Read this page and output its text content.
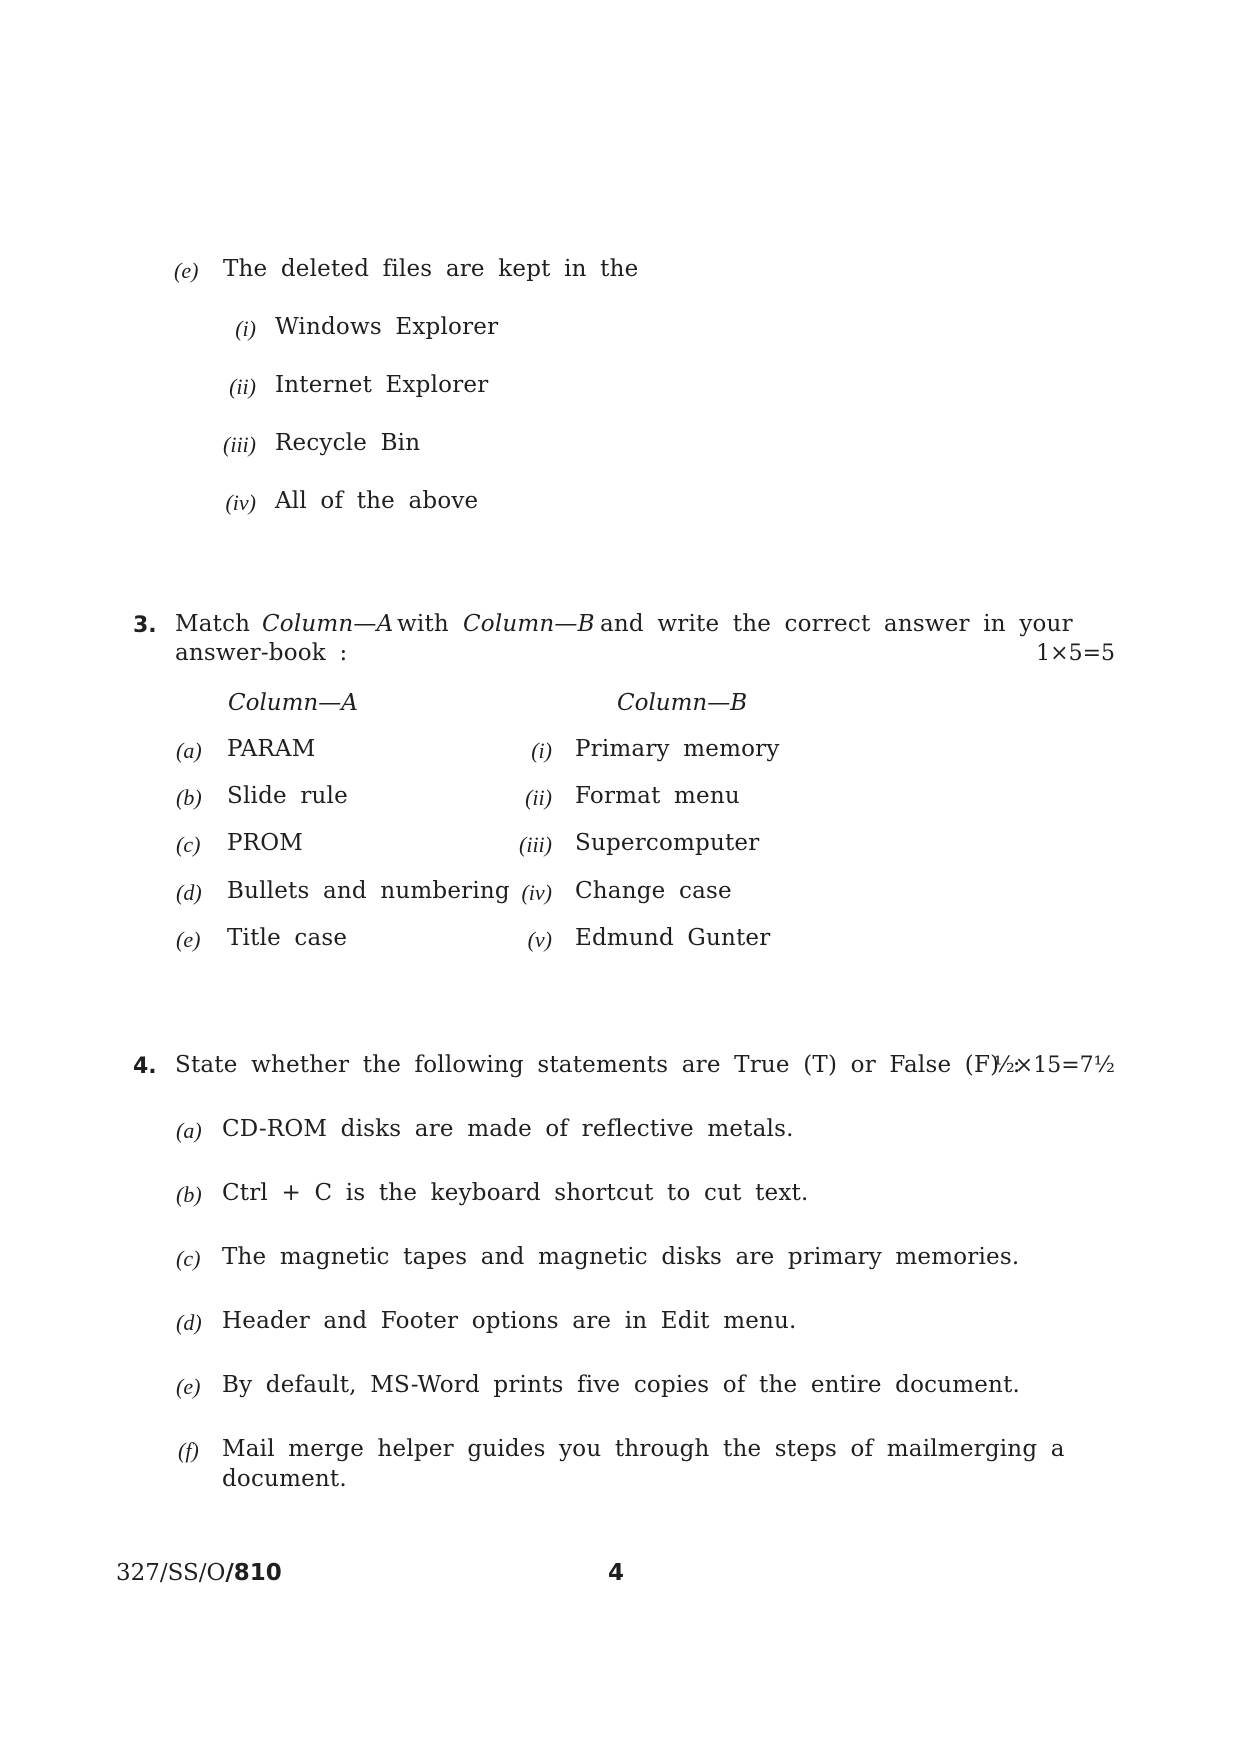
(e) The deleted files are kept in the
(i) Windows Explorer
(ii) Internet Explorer
(iii) Recycle Bin
(iv) All of the above
3. Match Column—A with Column—B and write the correct answer in your
answer-book :	1×5=5
Column—A	Column—B
(a) PARAM	(i) Primary memory
(b) Slide rule	(ii) Format menu
(c) PROM	(iii) Supercomputer
(d) Bullets and numbering (iv) Change case
(e) Title case	(v) Edmund Gunter
4. State whether the following statements are True (T) or False (F) :
½×15=7½
(a) CD-ROM disks are made of reflective metals.
(b) Ctrl + C is the keyboard shortcut to cut text.
(c) The magnetic tapes and magnetic disks are primary memories.
(d) Header and Footer options are in Edit menu.
(e) By default, MS-Word prints five copies of the entire document.
(f) Mail merge helper guides you through the steps of mailmerging a
document.
327/SS/O/810	4
